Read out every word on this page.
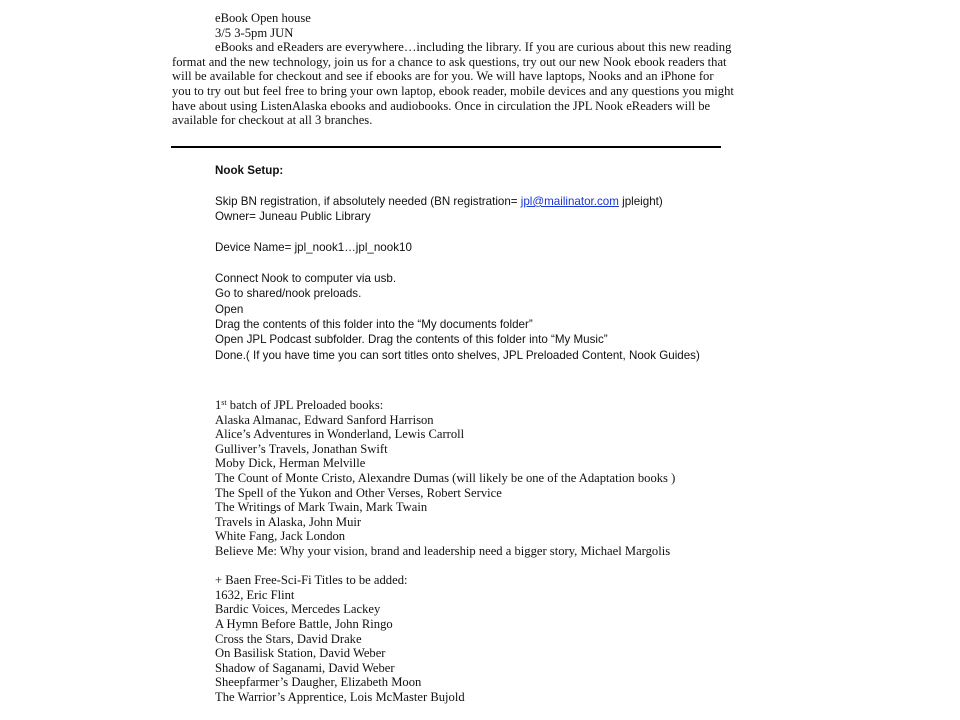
eBook Open house

3/5 3-5pm JUN

eBooks and eReaders are everywhere…including the library. If you are curious about this new reading format and the new technology, join us for a chance to ask questions, try out our new Nook ebook readers that will be available for checkout and see if ebooks are for you. We will have laptops, Nooks and an iPhone for you to try out but feel free to bring your own laptop, ebook reader, mobile devices and any questions you might have about using ListenAlaska ebooks and audiobooks. Once in circulation the JPL Nook eReaders will be available for checkout at all 3 branches.

Nook Setup:
Skip BN registration, if absolutely needed (BN registration= jpl@mailinator.com jpleight)
Owner= Juneau Public Library
Device Name= jpl_nook1…jpl_nook10
Connect Nook to computer via usb.
Go to shared/nook preloads.
Open
Drag the contents of this folder into the “My documents folder”
Open JPL Podcast subfolder. Drag the contents of this folder into “My Music”
Done.( If you have time you can sort titles onto shelves, JPL Preloaded Content, Nook Guides)
1st batch of JPL Preloaded books:
Alaska Almanac, Edward Sanford Harrison
Alice’s Adventures in Wonderland, Lewis Carroll
Gulliver’s Travels, Jonathan Swift
Moby Dick, Herman Melville
The Count of Monte Cristo, Alexandre Dumas (will likely be one of the Adaptation books )
The Spell of the Yukon and Other Verses, Robert Service
The Writings of Mark Twain, Mark Twain
Travels in Alaska, John Muir
White Fang, Jack London
Believe Me: Why your vision, brand and leadership need a bigger story, Michael Margolis
+ Baen Free-Sci-Fi Titles to be added:
1632, Eric Flint
Bardic Voices, Mercedes Lackey
A Hymn Before Battle, John Ringo
Cross the Stars, David Drake
On Basilisk Station, David Weber
Shadow of Saganami, David Weber
Sheepfarmer’s Daugher, Elizabeth Moon
The Warrior’s Apprentice, Lois McMaster Bujold
